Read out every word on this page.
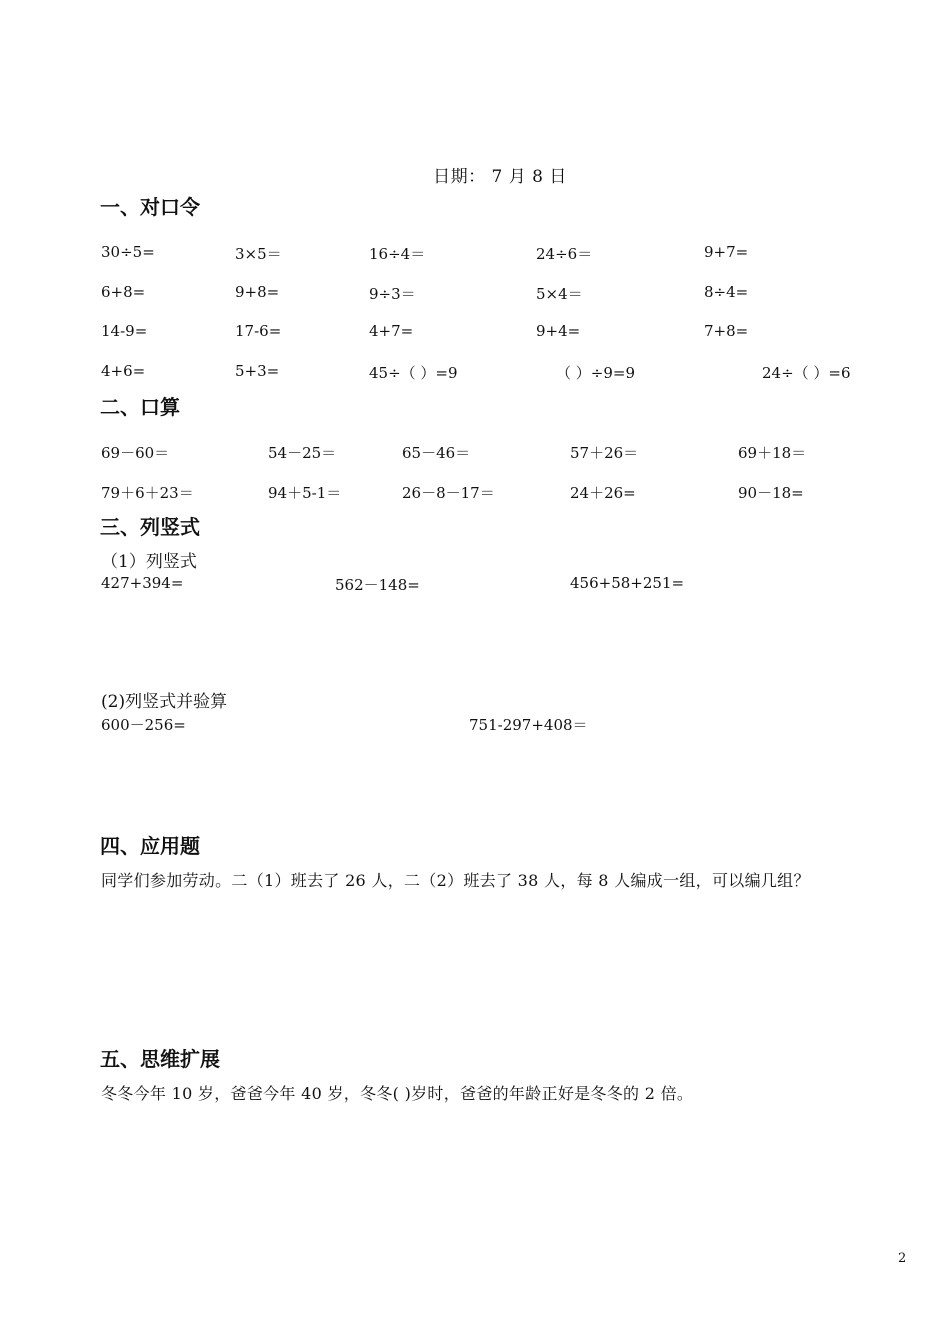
日期： 7 月 8 日
一、对口令
30÷5=	3×5＝	16÷4＝	24÷6＝	9+7=
6+8=	9+8=	9÷3＝	5×4＝	8÷4=
14-9=	17-6=	4+7=	9+4=	7+8=
4+6=	5+3=	45÷（ ）=9	（ ）÷9=9	24÷（ ）=6
二、口算
69－60＝	54－25＝	65－46＝	57＋26＝	69＋18＝
79＋6＋23＝	94＋5-1＝	26－8－17＝	24＋26=	90－18=
三、列竖式
（1）列竖式
427+394=	562－148=	456+58+251=
(2)列竖式并验算
600－256=	751-297+408＝
四、应用题
同学们参加劳动。二（1）班去了 26 人，二（2）班去了 38 人，每 8 人编成一组，可以编几组？
五、思维扩展
冬冬今年 10 岁，爸爸今年 40 岁，冬冬( )岁时，爸爸的年龄正好是冬冬的 2 倍。
2
